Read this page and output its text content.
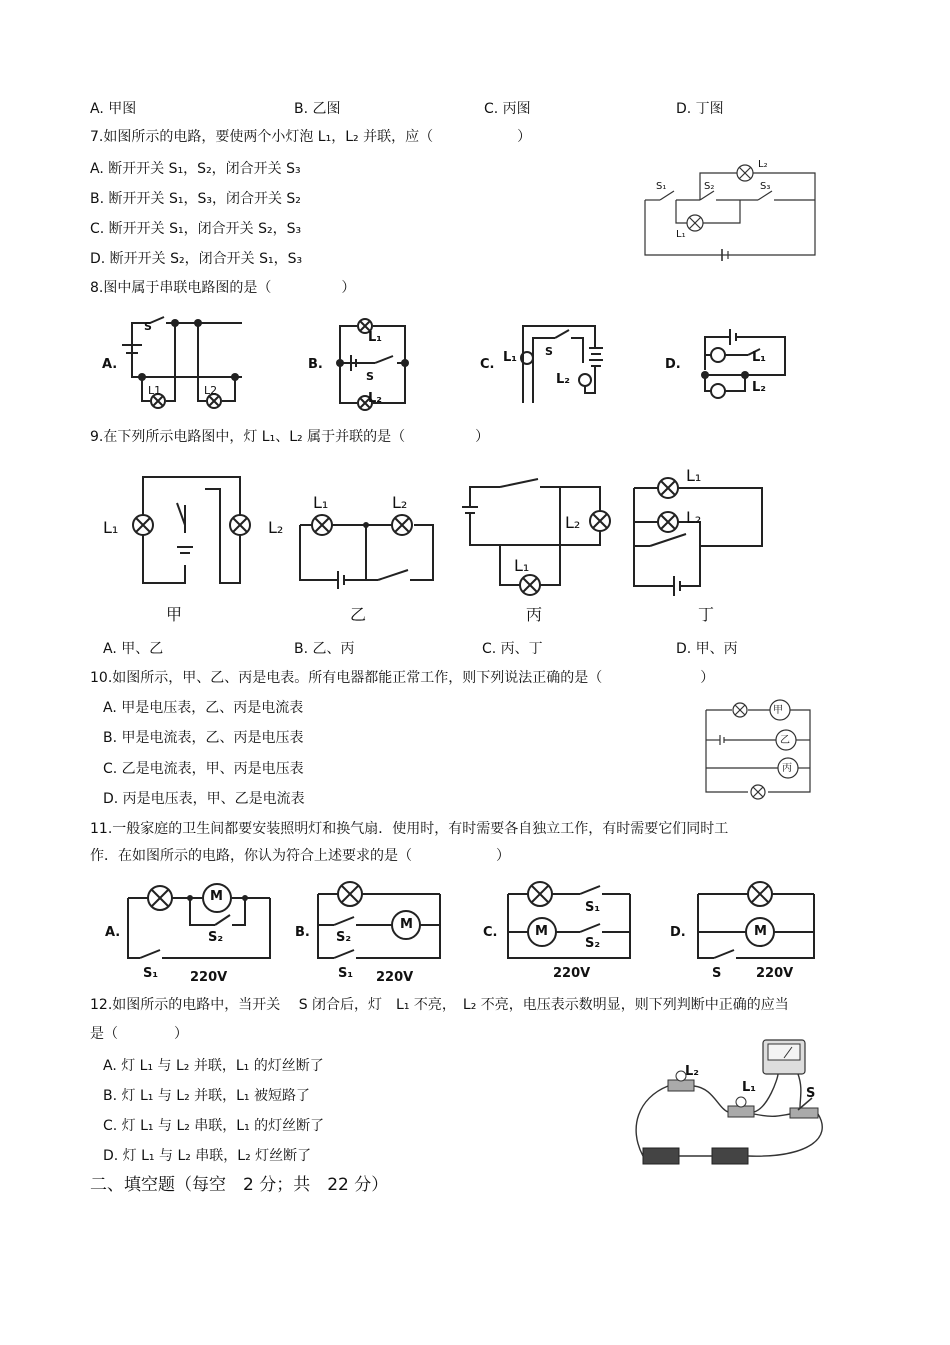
A. 甲图	B. 乙图	C. 丙图	D. 丁图
7.如图所示的电路，要使两个小灯泡 L₁，L₂ 并联，应（　　　　　　）
A. 断开开关 S₁，S₂，闭合开关 S₃
B. 断开开关 S₁，S₃，闭合开关 S₂
C. 断开开关 S₁，闭合开关 S₂，S₃
D. 断开开关 S₂，闭合开关 S₁，S₃
S₁	S₂	S₃
L₂
L₁
8.图中属于串联电路图的是（　　　　　）
A.
S
L1	L2
B.
L₁
S
L₂
C. L₁	S
L₂
D.	L₁
L₂
9.在下列所示电路图中，灯 L₁、L₂ 属于并联的是（　　　　　）
L₁	L₂
甲
L₁	L₂
乙
L₂
L₁
丙
L₁
L₂
丁
A. 甲、乙	B. 乙、丙	C. 丙、丁	D. 甲、丙
10.如图所示，甲、乙、丙是电表。所有电器都能正常工作，则下列说法正确的是（　　　　　　　）
A. 甲是电压表，乙、丙是电流表
B. 甲是电流表，乙、丙是电压表
C. 乙是电流表，甲、丙是电压表
D. 丙是电压表，甲、乙是电流表
甲
乙
丙
11.一般家庭的卫生间都要安装照明灯和换气扇．使用时，有时需要各自独立工作，有时需要它们同时工
作．在如图所示的电路，你认为符合上述要求的是（　　　　　　）
A.
M
S₂
S₁ 220V
B.
M
S₂
S₁ 220V
C.	M
S₁
S₂
220V
D.	M
S	220V
12.如图所示的电路中，当开关　 S 闭合后，灯　L₁ 不亮，　L₂ 不亮，电压表示数明显，则下列判断中正确的应当
是（　　　　）
A. 灯 L₁ 与 L₂ 并联，L₁ 的灯丝断了
B. 灯 L₁ 与 L₂ 并联，L₁ 被短路了
C. 灯 L₁ 与 L₂ 串联，L₁ 的灯丝断了
D. 灯 L₁ 与 L₂ 串联，L₂ 灯丝断了
L₂
L₁	S
二、填空题（每空　2 分；共　22 分）
